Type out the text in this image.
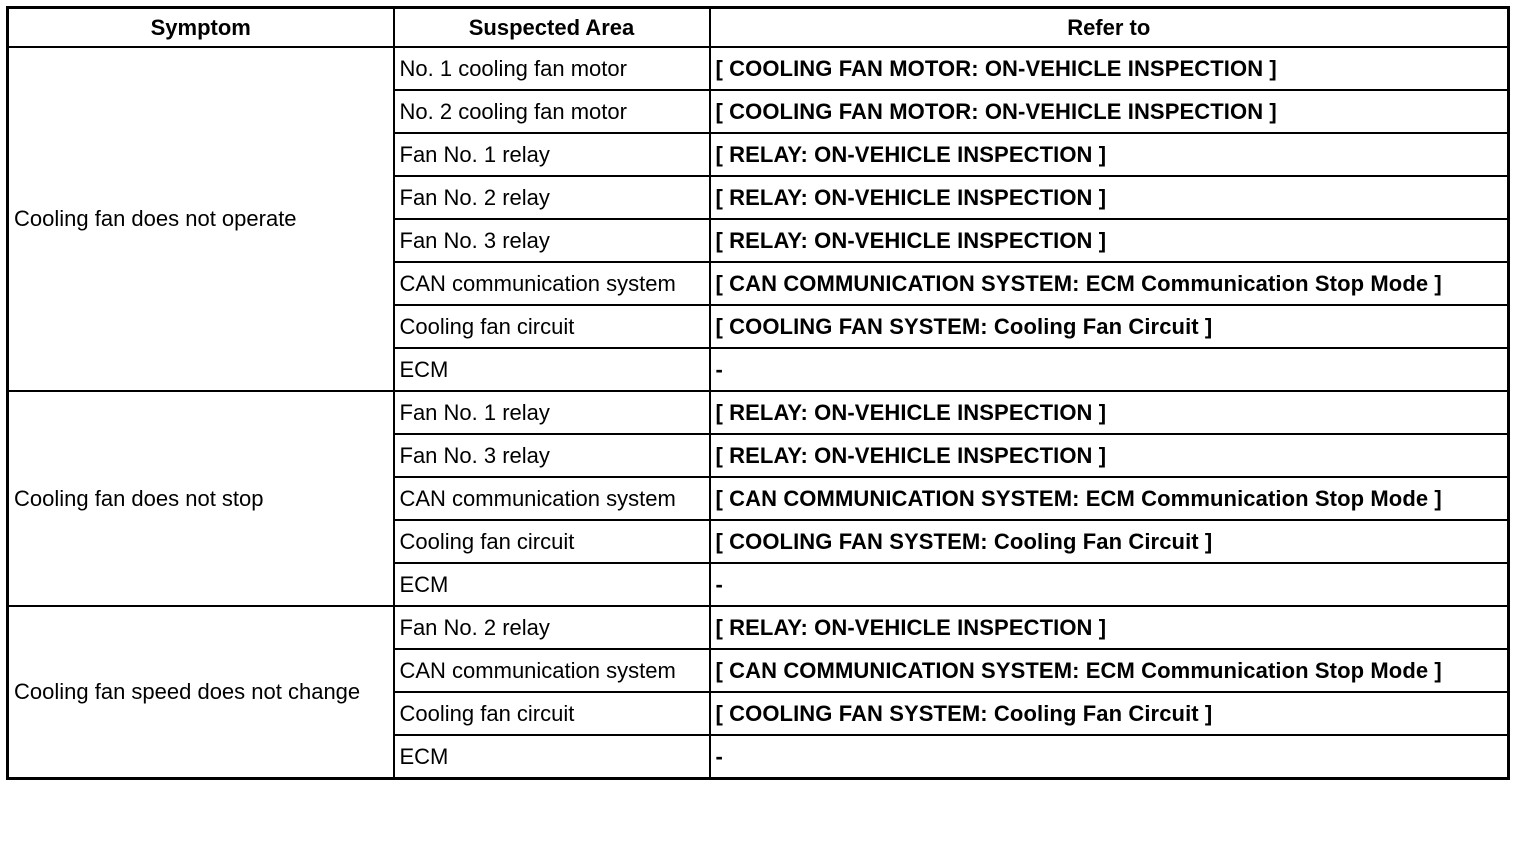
Symptom	Suspected Area	Refer to
Cooling fan does not operate	No. 1 cooling fan motor	[ COOLING FAN MOTOR: ON-VEHICLE INSPECTION ]
	No. 2 cooling fan motor	[ COOLING FAN MOTOR: ON-VEHICLE INSPECTION ]
	Fan No. 1 relay	[ RELAY: ON-VEHICLE INSPECTION ]
	Fan No. 2 relay	[ RELAY: ON-VEHICLE INSPECTION ]
	Fan No. 3 relay	[ RELAY: ON-VEHICLE INSPECTION ]
	CAN communication system	[ CAN COMMUNICATION SYSTEM: ECM Communication Stop Mode ]
	Cooling fan circuit	[ COOLING FAN SYSTEM: Cooling Fan Circuit ]
	ECM	-
Cooling fan does not stop	Fan No. 1 relay	[ RELAY: ON-VEHICLE INSPECTION ]
	Fan No. 3 relay	[ RELAY: ON-VEHICLE INSPECTION ]
	CAN communication system	[ CAN COMMUNICATION SYSTEM: ECM Communication Stop Mode ]
	Cooling fan circuit	[ COOLING FAN SYSTEM: Cooling Fan Circuit ]
	ECM	-
Cooling fan speed does not change	Fan No. 2 relay	[ RELAY: ON-VEHICLE INSPECTION ]
	CAN communication system	[ CAN COMMUNICATION SYSTEM: ECM Communication Stop Mode ]
	Cooling fan circuit	[ COOLING FAN SYSTEM: Cooling Fan Circuit ]
	ECM	-
